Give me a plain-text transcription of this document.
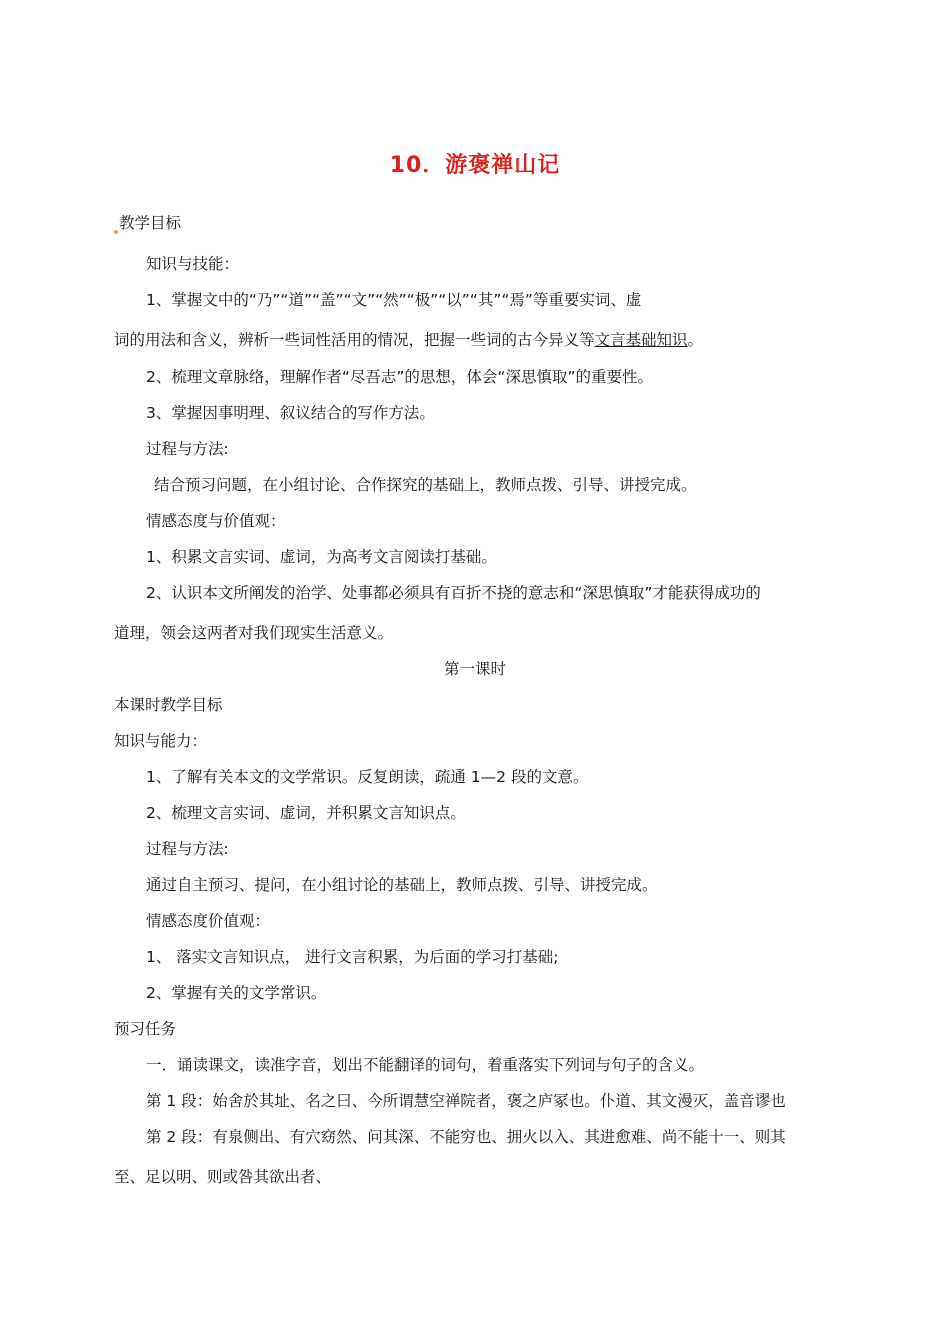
10．游褒禅山记
教学目标
知识与技能：
1、掌握文中的“乃”“道”“盖”“文”“然”“极”“以”“其”“焉”等重要实词、虚
词的用法和含义，辨析一些词性活用的情况，把握一些词的古今异义等文言基础知识。
2、梳理文章脉络，理解作者“尽吾志”的思想，体会“深思慎取”的重要性。
3、掌握因事明理、叙议结合的写作方法。
过程与方法:
结合预习问题，在小组讨论、合作探究的基础上，教师点拨、引导、讲授完成。
情感态度与价值观：
1、积累文言实词、虚词，为高考文言阅读打基础。
2、认识本文所阐发的治学、处事都必须具有百折不挠的意志和“深思慎取”才能获得成功的
道理，领会这两者对我们现实生活意义。
第一课时
本课时教学目标
知识与能力：
1、了解有关本文的文学常识。反复朗读，疏通 1—2 段的文意。
2、梳理文言实词、虚词，并积累文言知识点。
过程与方法:
通过自主预习、提问，在小组讨论的基础上，教师点拨、引导、讲授完成。
情感态度价值观：
1、 落实文言知识点， 进行文言积累，为后面的学习打基础;
2、掌握有关的文学常识。
预习任务
一．诵读课文，读准字音，划出不能翻译的词句，着重落实下列词与句子的含义。
第 1 段：始舍於其址、名之曰、今所谓慧空禅院者，褒之庐冢也。仆道、其文漫灭，盖音谬也
第 2 段：有泉侧出、有穴窈然、问其深、不能穷也、拥火以入、其进愈难、尚不能十一、则其
至、足以明、则或咎其欲出者、
